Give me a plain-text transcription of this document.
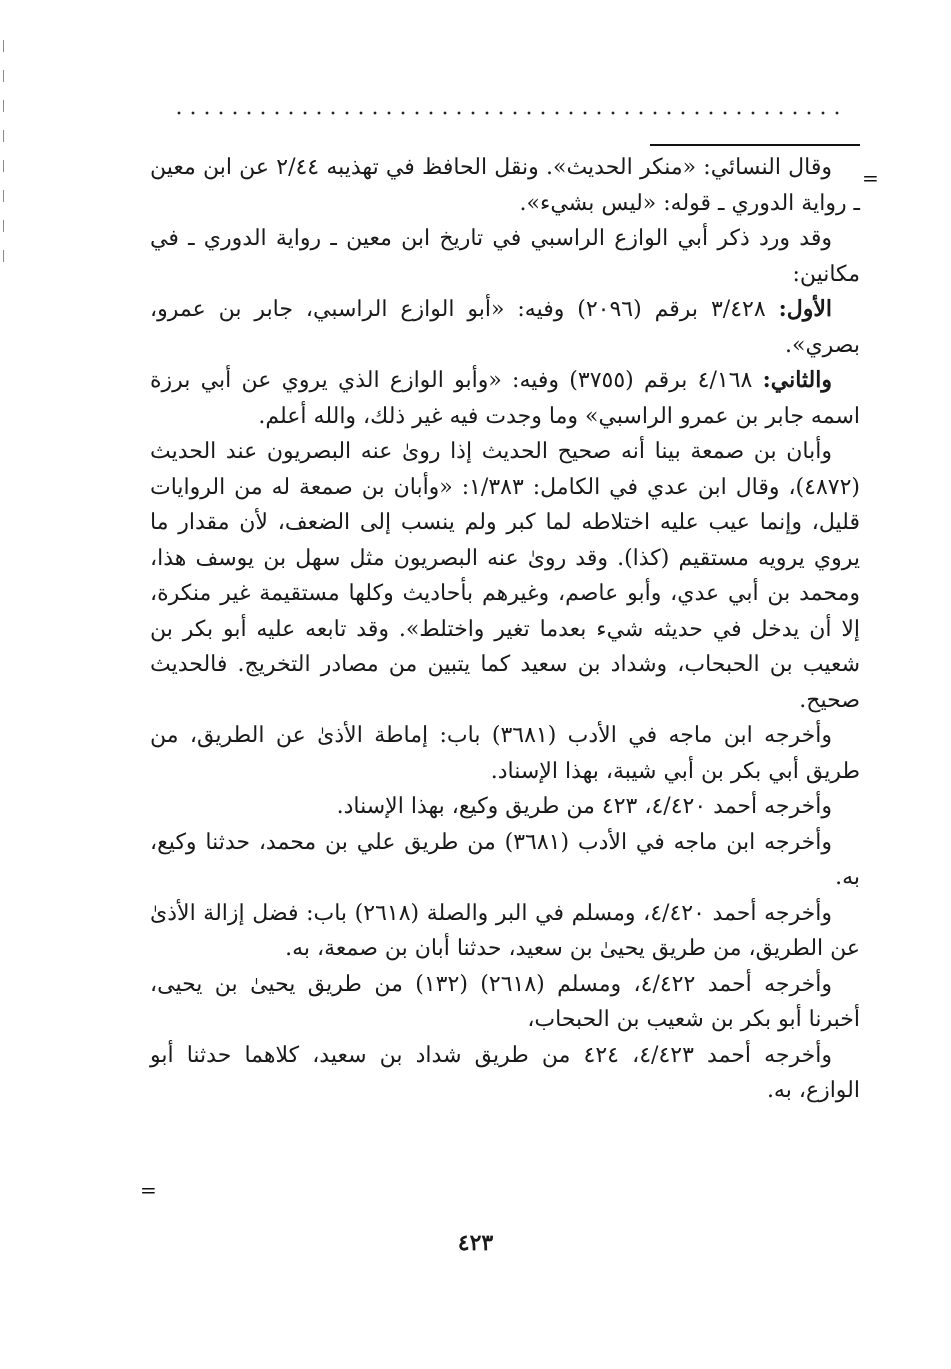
=
=

وقال النسائي: «منكر الحديث». ونقل الحافظ في تهذيبه ٢/٤٤ عن ابن معين ـ رواية الدوري ـ قوله: «ليس بشيء».

وقد ورد ذكر أبي الوازع الراسبي في تاريخ ابن معين ـ رواية الدوري ـ في مكانين:

الأول: ٣/٤٢٨ برقم (٢٠٩٦) وفيه: «أبو الوازع الراسبي، جابر بن عمرو، بصري».

والثاني: ٤/١٦٨ برقم (٣٧٥٥) وفيه: «وأبو الوازع الذي يروي عن أبي برزة اسمه جابر بن عمرو الراسبي» وما وجدت فيه غير ذلك، والله أعلم.

وأبان بن صمعة بينا أنه صحيح الحديث إذا روىٰ عنه البصريون عند الحديث (٤٨٧٢)، وقال ابن عدي في الكامل: ١/٣٨٣: «وأبان بن صمعة له من الروايات قليل، وإنما عيب عليه اختلاطه لما كبر ولم ينسب إلى الضعف، لأن مقدار ما يروي يرويه مستقيم (كذا). وقد روىٰ عنه البصريون مثل سهل بن يوسف هذا، ومحمد بن أبي عدي، وأبو عاصم، وغيرهم بأحاديث وكلها مستقيمة غير منكرة، إلا أن يدخل في حديثه شيء بعدما تغير واختلط». وقد تابعه عليه أبو بكر بن شعيب بن الحبحاب، وشداد بن سعيد كما يتبين من مصادر التخريج. فالحديث صحيح.

وأخرجه ابن ماجه في الأدب (٣٦٨١) باب: إماطة الأذىٰ عن الطريق، من طريق أبي بكر بن أبي شيبة، بهذا الإسناد.

وأخرجه أحمد ٤/٤٢٠، ٤٢٣ من طريق وكيع، بهذا الإسناد.

وأخرجه ابن ماجه في الأدب (٣٦٨١) من طريق علي بن محمد، حدثنا وكيع، به.

وأخرجه أحمد ٤/٤٢٠، ومسلم في البر والصلة (٢٦١٨) باب: فضل إزالة الأذىٰ عن الطريق، من طريق يحيىٰ بن سعيد، حدثنا أبان بن صمعة، به.

وأخرجه أحمد ٤/٤٢٢، ومسلم (٢٦١٨) (١٣٢) من طريق يحيىٰ بن يحيى، أخبرنا أبو بكر بن شعيب بن الحبحاب،

وأخرجه أحمد ٤/٤٢٣، ٤٢٤ من طريق شداد بن سعيد، كلاهما حدثنا أبو الوازع، به.

٤٢٣
